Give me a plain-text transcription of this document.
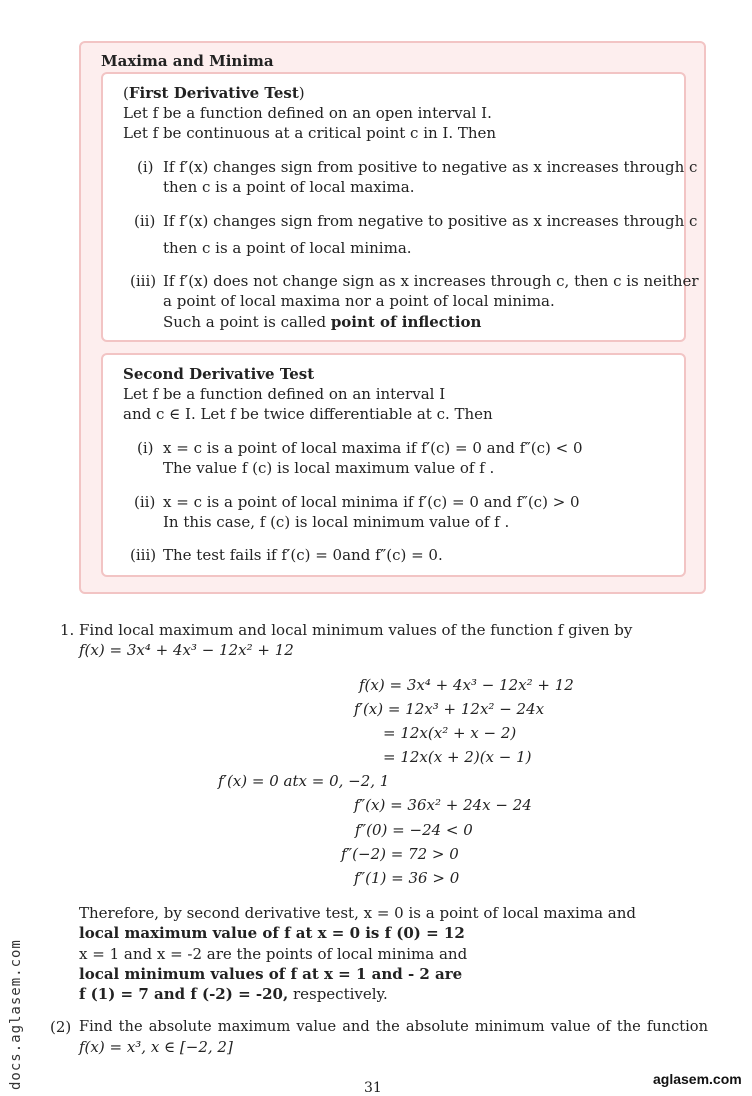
Maxima and Minima
(First Derivative Test)
Let f be a function defined on an open interval I.
Let f be continuous at a critical point c in I. Then
(i) If f′(x) changes sign from positive to negative as x increases through c
then c is a point of local maxima.
(ii) If f′(x) changes sign from negative to positive as x increases through c
then c is a point of local minima.
(iii) If f′(x) does not change sign as x increases through c, then c is neither
a point of local maxima nor a point of local minima.
Such a point is called point of inflection
Second Derivative Test
Let f be a function defined on an interval I
and c ∈ I. Let f be twice differentiable at c. Then
(i) x = c is a point of local maxima if f′(c) = 0 and f″(c) < 0
The value f (c) is local maximum value of f .
(ii) x = c is a point of local minima if f′(c) = 0 and f″(c) > 0
In this case, f (c) is local minimum value of f .
(iii) The test fails if f′(c) = 0and f″(c) = 0.
1. Find local maximum and local minimum values of the function f given by
f(x) = 3x⁴ + 4x³ − 12x² + 12
f(x) = 3x⁴ + 4x³ − 12x² + 12
f′(x) = 12x³ + 12x² − 24x
= 12x(x² + x − 2)
= 12x(x + 2)(x − 1)
f′(x) = 0 atx = 0, −2, 1
f″(x) = 36x² + 24x − 24
f″(0) = −24 < 0
f″(−2) = 72 > 0
f″(1) = 36 > 0
Therefore, by second derivative test, x = 0 is a point of local maxima and
local maximum value of f at x = 0 is f (0) = 12
x = 1 and x = -2 are the points of local minima and
local minimum values of f at x = 1 and - 2 are
f (1) = 7 and f (-2) = -20, respectively.
(2) Find the absolute maximum value and the absolute minimum value of the function
f(x) = x³, x ∈ [−2, 2]
31
aglasem.com
docs.aglasem.com
